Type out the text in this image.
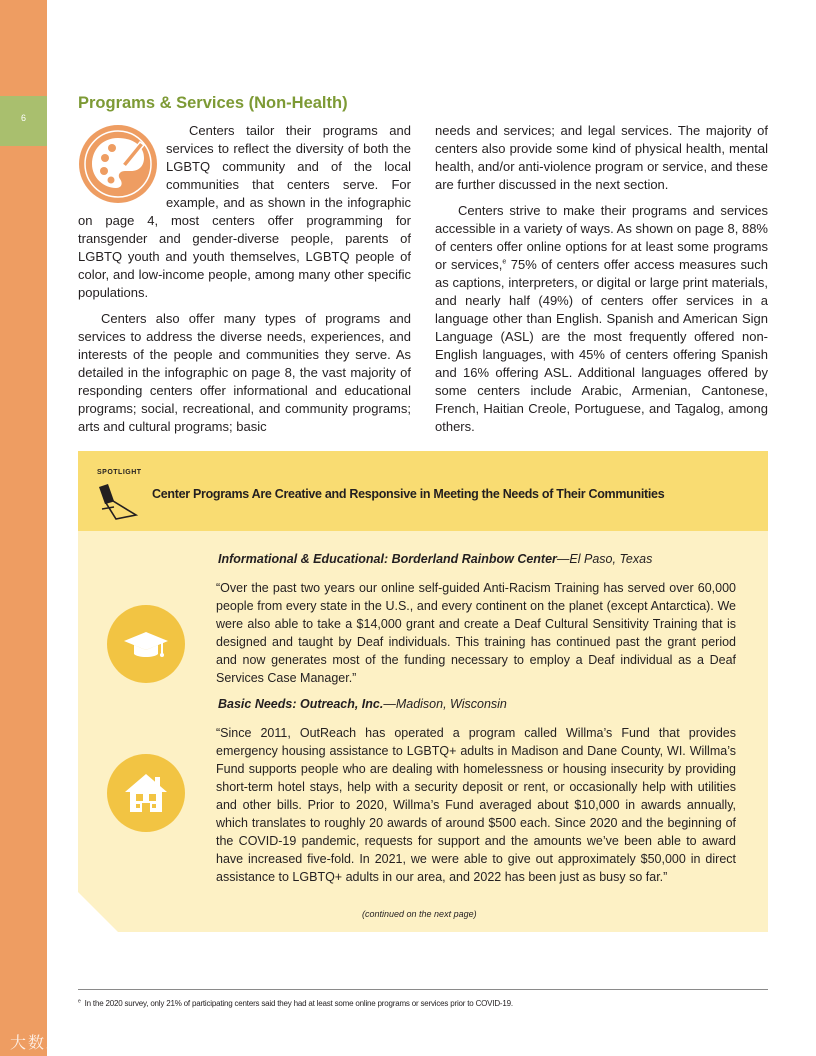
6
Programs & Services (Non-Health)

Centers tailor their programs and services to reflect the diversity of both the LGBTQ community and of the local communities that centers serve. For example, and as shown in the infographic on page 4, most centers offer programming for transgender and gender-diverse people, parents of LGBTQ youth and youth themselves, LGBTQ people of color, and low-income people, among many other specific populations.

Centers also offer many types of programs and services to address the diverse needs, experiences, and interests of the people and communities they serve. As detailed in the infographic on page 8, the vast majority of responding centers offer informational and educational programs; social, recreational, and community programs; arts and cultural programs; basic

needs and services; and legal services. The majority of centers also provide some kind of physical health, mental health, and/or anti-violence program or service, and these are further discussed in the next section.

Centers strive to make their programs and services accessible in a variety of ways. As shown on page 8, 88% of centers offer online options for at least some programs or services,$^e$ 75% of centers offer access measures such as captions, interpreters, or digital or large print materials, and nearly half (49%) of centers offer services in a language other than English. Spanish and American Sign Language (ASL) are the most frequently offered non-English languages, with 45% of centers offering Spanish and 16% offering ASL. Additional languages offered by some centers include Arabic, Armenian, Cantonese, French, Haitian Creole, Portuguese, and Tagalog, among others.

SPOTLIGHT
Center Programs Are Creative and Responsive in Meeting the Needs of Their Communities
Informational & Educational: Borderland Rainbow Center—El Paso, Texas

“Over the past two years our online self-guided Anti-Racism Training has served over 60,000 people from every state in the U.S., and every continent on the planet (except Antarctica). We were also able to take a $14,000 grant and create a Deaf Cultural Sensitivity Training that is designed and taught by Deaf individuals. This training has continued past the grant period and now generates most of the funding necessary to employ a Deaf individual as a Deaf Services Case Manager.”

Basic Needs: Outreach, Inc.—Madison, Wisconsin

“Since 2011, OutReach has operated a program called Willma’s Fund that provides emergency housing assistance to LGBTQ+ adults in Madison and Dane County, WI. Willma’s Fund supports people who are dealing with homelessness or housing insecurity by providing short-term hotel stays, help with a security deposit or rent, or occasionally help with utilities and other bills. Prior to 2020, Willma’s Fund averaged about $10,000 in awards annually, which translates to roughly 20 awards of around $500 each. Since 2020 and the beginning of the COVID-19 pandemic, requests for support and the amounts we’ve been able to award have increased five-fold. In 2021, we were able to give out approximately $50,000 in direct assistance to LGBTQ+ adults in our area, and 2022 has been just as busy so far.”

(continued on the next page)
$^e$ In the 2020 survey, only 21% of participating centers said they had at least some online programs or services prior to COVID-19.
大数跨境
